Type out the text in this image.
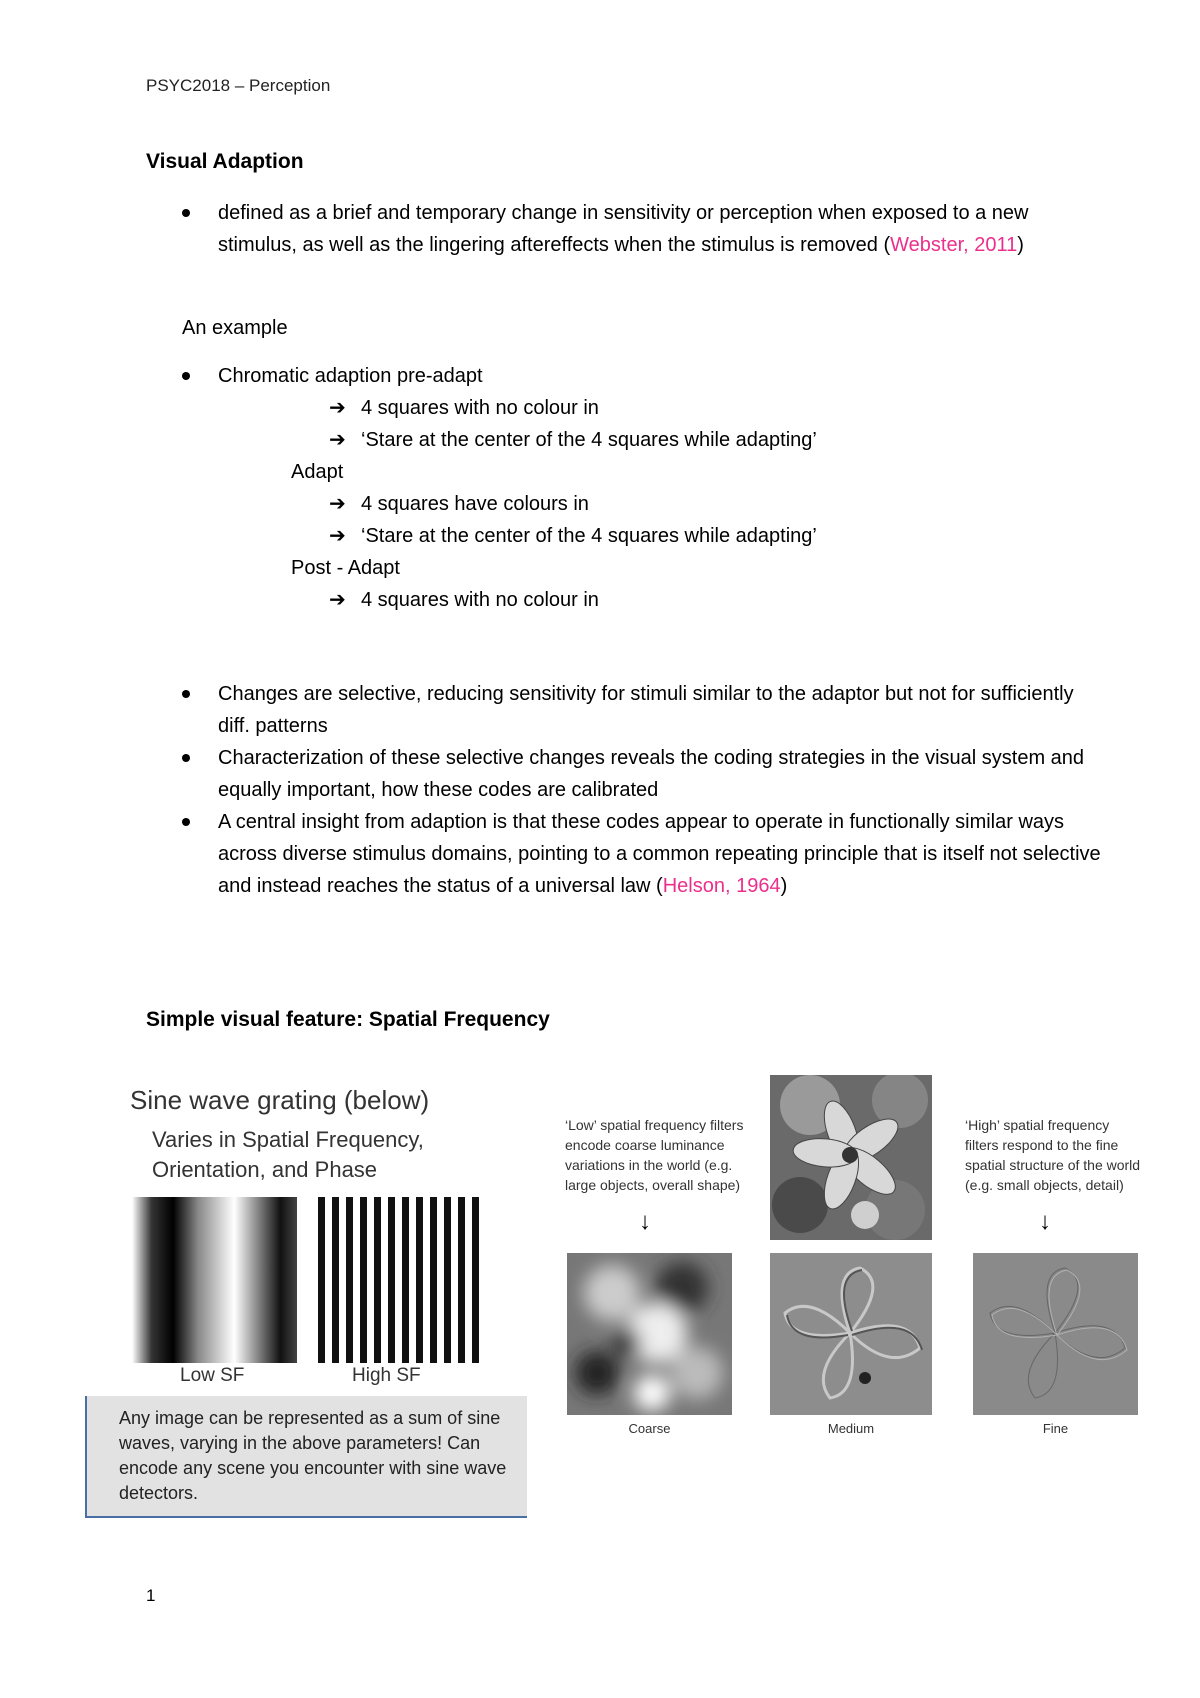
PSYC2018 – Perception
Visual Adaption
defined as a brief and temporary change in sensitivity or perception when exposed to a new stimulus, as well as the lingering aftereffects when the stimulus is removed (Webster, 2011)
An example
Chromatic adaption pre-adapt
➔ 4 squares with no colour in
➔ ‘Stare at the center of the 4 squares while adapting’
Adapt
➔ 4 squares have colours in
➔ ‘Stare at the center of the 4 squares while adapting’
Post - Adapt
➔ 4 squares with no colour in
Changes are selective, reducing sensitivity for stimuli similar to the adaptor but not for sufficiently diff. patterns
Characterization of these selective changes reveals the coding strategies in the visual system and equally important, how these codes are calibrated
A central insight from adaption is that these codes appear to operate in functionally similar ways across diverse stimulus domains, pointing to a common repeating principle that is itself not selective and instead reaches the status of a universal law (Helson, 1964)
Simple visual feature: Spatial Frequency
Sine wave grating (below)
Varies in Spatial Frequency,
Orientation, and Phase
Low SF	High SF
Any image can be represented as a sum of sine waves, varying in the above parameters! Can encode any scene you encounter with sine wave detectors.
‘Low’ spatial frequency filters encode coarse luminance variations in the world (e.g. large objects, overall shape)
↓
‘High’ spatial frequency filters respond to the fine spatial structure of the world (e.g. small objects, detail)
↓
Coarse	Medium	Fine
1
